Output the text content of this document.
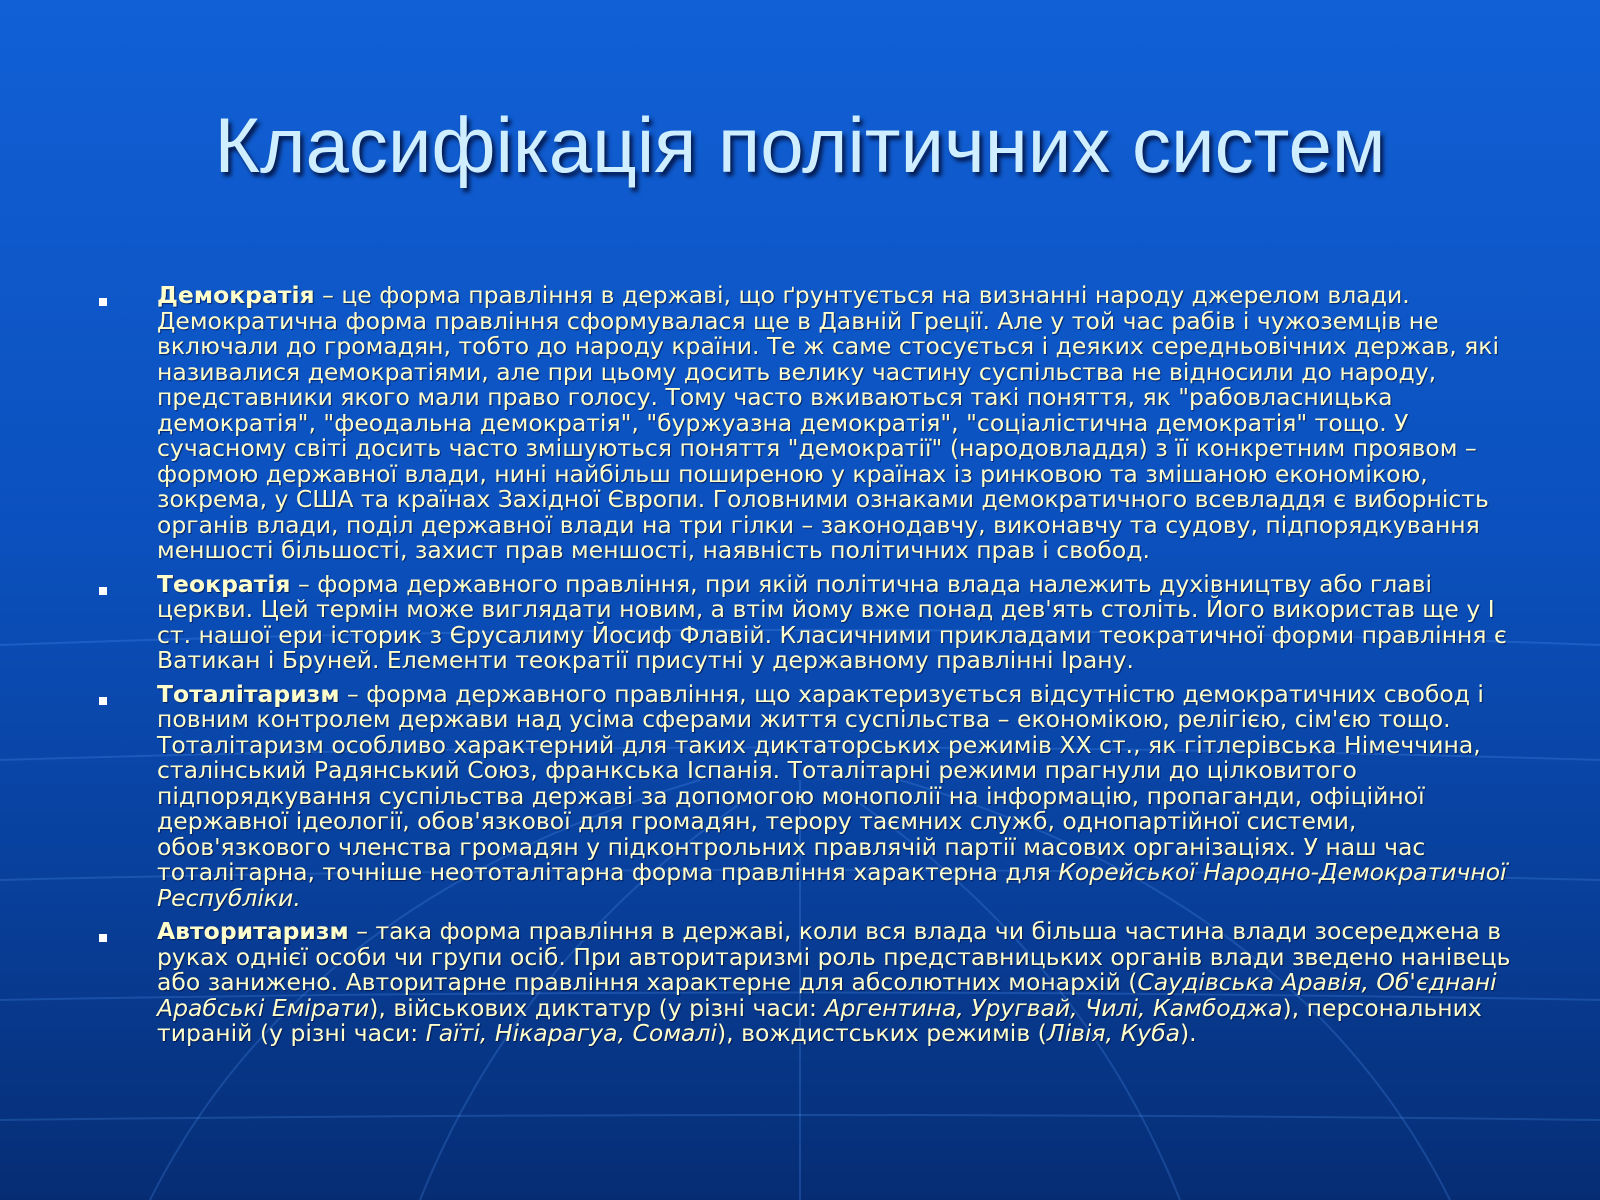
Класифікація політичних систем

Демократія – це форма правління в державі, що ґрунтується на визнанні народу джерелом влади. Демократична форма правління сформувалася ще в Давній Греції. Але у той час рабів і чужоземців не включали до громадян, тобто до народу країни. Те ж саме стосується і деяких середньовічних держав, які називалися демократіями, але при цьому досить велику частину суспільства не відносили до народу, представники якого мали право голосу. Тому часто вживаються такі поняття, як "рабовласницька демократія", "феодальна демократія", "буржуазна демократія", "соціалістична демократія" тощо. У сучасному світі досить часто змішуються поняття "демократії" (народовладдя) з її конкретним проявом – формою державної влади, нині найбільш поширеною у країнах із ринковою та змішаною економікою, зокрема, у США та країнах Західної Європи. Головними ознаками демократичного всевладдя є виборність органів влади, поділ державної влади на три гілки – законодавчу, виконавчу та судову, підпорядкування меншості більшості, захист прав меншості, наявність політичних прав і свобод.

Теократія – форма державного правління, при якій політична влада належить духівництву або главі церкви. Цей термін може виглядати новим, а втім йому вже понад дев'ять століть. Його використав ще у І ст. нашої ери історик з Єрусалиму Йосиф Флавій. Класичними прикладами теократичної форми правління є Ватикан і Бруней. Елементи теократії присутні у державному правлінні Ірану.

Тоталітаризм – форма державного правління, що характеризується відсутністю демократичних свобод і повним контролем держави над усіма сферами життя суспільства – економікою, релігією, сім'єю тощо. Тоталітаризм особливо характерний для таких диктаторських режимів XX ст., як гітлерівська Німеччина, сталінський Радянський Союз, франкська Іспанія. Тоталітарні режими прагнули до цілковитого підпорядкування суспільства державі за допомогою монополії на інформацію, пропаганди, офіційної державної ідеології, обов'язкової для громадян, терору таємних служб, однопартійної системи, обов'язкового членства громадян у підконтрольних правлячій партії масових організаціях. У наш час тоталітарна, точніше неототалітарна форма правління характерна для Корейської Народно-Демократичної Республіки.

Авторитаризм – така форма правління в державі, коли вся влада чи більша частина влади зосереджена в руках однієї особи чи групи осіб. При авторитаризмі роль представницьких органів влади зведено нанівець або занижено. Авторитарне правління характерне для абсолютних монархій (Саудівська Аравія, Об'єднані Арабські Емірати), військових диктатур (у різні часи: Аргентина, Уругвай, Чилі, Камбоджа), персональних тираній (у різні часи: Гаїті, Нікарагуа, Сомалі), вождистських режимів (Лівія, Куба).
